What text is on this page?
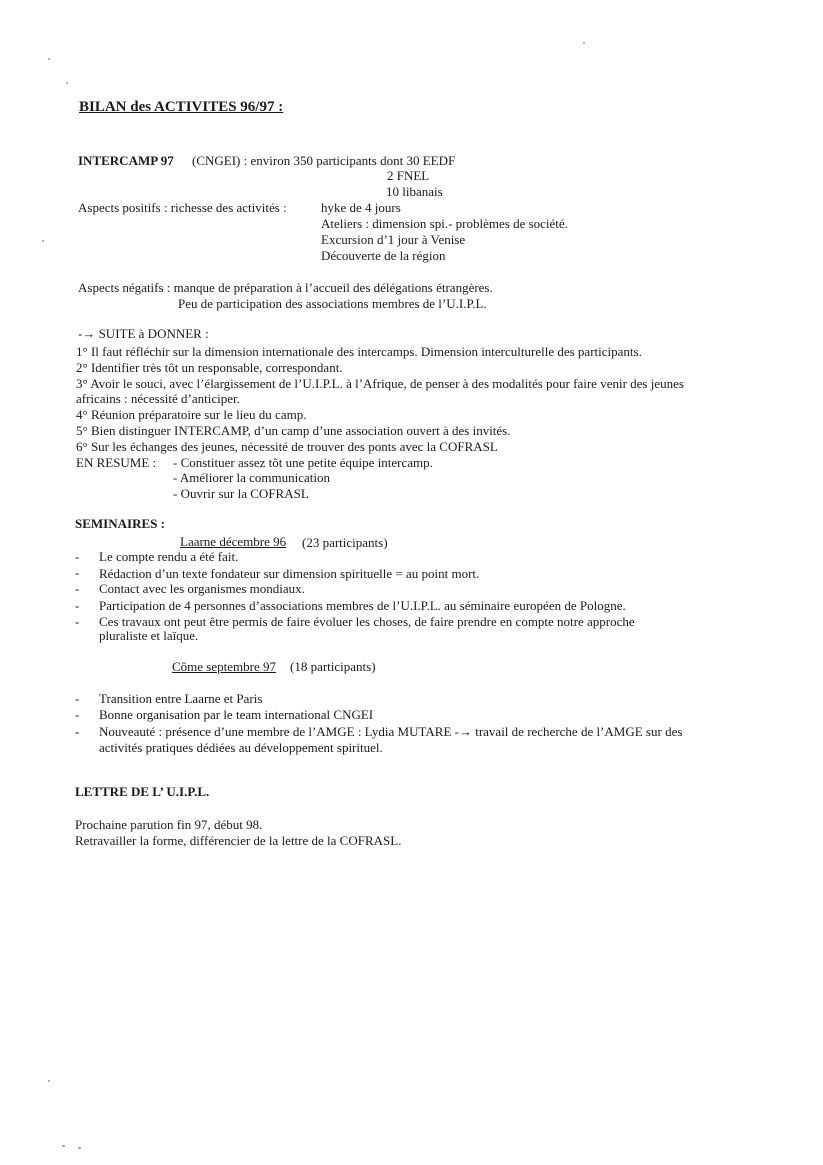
BILAN des ACTIVITES 96/97 :
INTERCAMP 97 (CNGEI) : environ 350 participants dont 30 EEDF
2 FNEL
10 libanais
Aspects positifs : richesse des activités :	hyke de 4 jours
Ateliers : dimension spi.- problèmes de société.
Excursion d’1 jour à Venise
Découverte de la région
Aspects négatifs : manque de préparation à l’accueil des délégations étrangères.
Peu de participation des associations membres de l’U.I.P.L.
-→ SUITE à DONNER :
1° Il faut réfléchir sur la dimension internationale des intercamps. Dimension interculturelle des participants.
2° Identifier très tôt un responsable, correspondant.
3° Avoir le souci, avec l’élargissement de l’U.I.P.L. à l’Afrique, de penser à des modalités pour faire venir des jeunes
africains : nécessité d’anticiper.
4° Réunion préparatoire sur le lieu du camp.
5° Bien distinguer INTERCAMP, d’un camp d’une association ouvert à des invités.
6° Sur les échanges des jeunes, nécessité de trouver des ponts avec la COFRASL
EN RESUME : - Constituer assez tôt une petite équipe intercamp.
- Améliorer la communication
- Ouvrir sur la COFRASL
SEMINAIRES :
Laarne décembre 96 (23 participants)
- Le compte rendu a été fait.
- Rédaction d’un texte fondateur sur dimension spirituelle = au point mort.
- Contact avec les organismes mondiaux.
- Participation de 4 personnes d’associations membres de l’U.I.P.L. au séminaire européen de Pologne.
- Ces travaux ont peut être permis de faire évoluer les choses, de faire prendre en compte notre approche
pluraliste et laïque.
Côme septembre 97 (18 participants)
- Transition entre Laarne et Paris
- Bonne organisation par le team international CNGEI
- Nouveauté : présence d’une membre de l’AMGE : Lydia MUTARE -→ travail de recherche de l’AMGE sur des
activités pratiques dédiées au développement spirituel.
LETTRE DE L’ U.I.P.L.
Prochaine parution fin 97, début 98.
Retravailler la forme, différencier de la lettre de la COFRASL.
